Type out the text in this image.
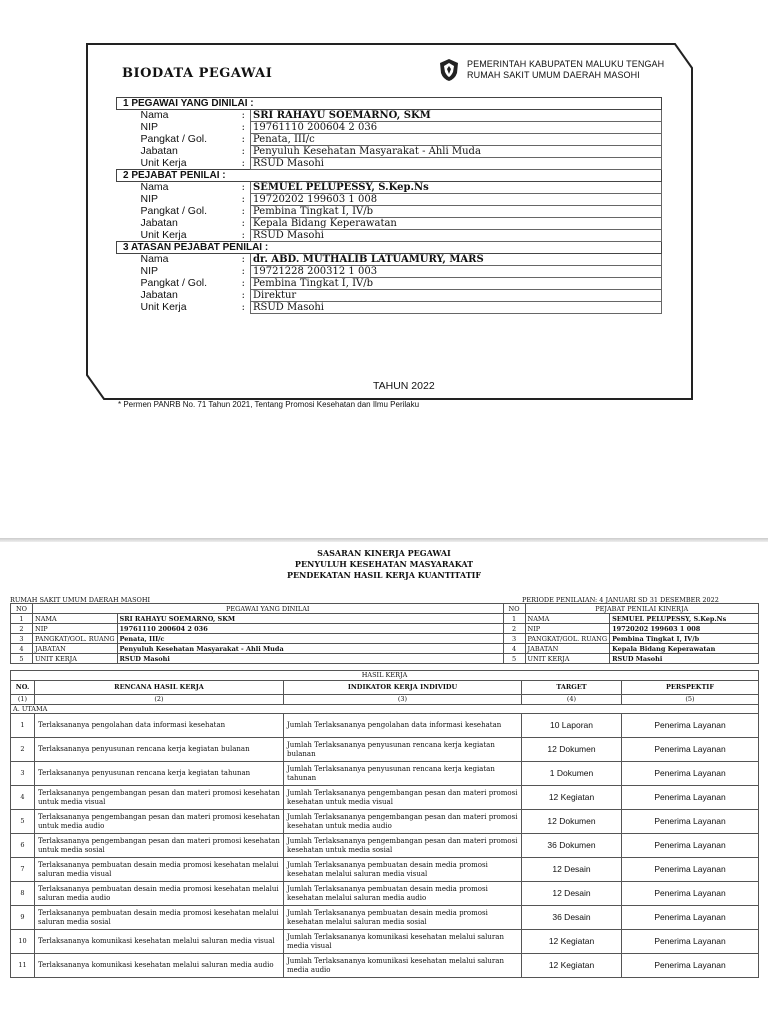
BIODATA PEGAWAI
PEMERINTAH KABUPATEN MALUKU TENGAH
RUMAH SAKIT UMUM DAERAH MASOHI
1 PEGAWAI YANG DINILAI :		
Nama	:	SRI RAHAYU SOEMARNO, SKM
NIP	:	19761110 200604 2 036
Pangkat / Gol.	:	Penata, III/c
Jabatan	:	Penyuluh Kesehatan Masyarakat - Ahli Muda
Unit Kerja	:	RSUD Masohi
2 PEJABAT PENILAI :		
Nama	:	SEMUEL PELUPESSY, S.Kep.Ns
NIP	:	19720202 199603 1 008
Pangkat / Gol.	:	Pembina Tingkat I, IV/b
Jabatan	:	Kepala Bidang Keperawatan
Unit Kerja	:	RSUD Masohi
3 ATASAN PEJABAT PENILAI :		
Nama	:	dr. ABD. MUTHALIB LATUAMURY, MARS
NIP	:	19721228 200312 1 003
Pangkat / Gol.	:	Pembina Tingkat I, IV/b
Jabatan	:	Direktur
Unit Kerja	:	RSUD Masohi
TAHUN 2022
* Permen PANRB No. 71 Tahun 2021, Tentang Promosi Kesehatan dan Ilmu Perilaku
SASARAN KINERJA PEGAWAI
PENYULUH KESEHATAN MASYARAKAT
PENDEKATAN HASIL KERJA KUANTITATIF
RUMAH SAKIT UMUM DAERAH MASOHI	PERIODE PENILAIAN: 4 JANUARI SD 31 DESEMBER 2022
NO	PEGAWAI YANG DINILAI		NO	PEJABAT PENILAI KINERJA	
1	NAMA	SRI RAHAYU SOEMARNO, SKM	1	NAMA	SEMUEL PELUPESSY, S.Kep.Ns
2	NIP	19761110 200604 2 036	2	NIP	19720202 199603 1 008
3	PANGKAT/GOL. RUANG	Penata, III/c	3	PANGKAT/GOL. RUANG	Pembina Tingkat I, IV/b
4	JABATAN	Penyuluh Kesehatan Masyarakat - Ahli Muda	4	JABATAN	Kepala Bidang Keperawatan
5	UNIT KERJA	RSUD Masohi	5	UNIT KERJA	RSUD Masohi
HASIL KERJA
NO.	RENCANA HASIL KERJA	INDIKATOR KERJA INDIVIDU	TARGET	PERSPEKTIF
(1)	(2)	(3)	(4)	(5)
A. UTAMA				
1	Terlaksananya pengolahan data informasi kesehatan	Jumlah Terlaksananya pengolahan data informasi kesehatan	10 Laporan	Penerima Layanan
2	Terlaksananya penyusunan rencana kerja kegiatan bulanan	Jumlah Terlaksananya penyusunan rencana kerja kegiatan bulanan	12 Dokumen	Penerima Layanan
3	Terlaksananya penyusunan rencana kerja kegiatan tahunan	Jumlah Terlaksananya penyusunan rencana kerja kegiatan tahunan	1 Dokumen	Penerima Layanan
4	Terlaksananya pengembangan pesan dan materi promosi kesehatan untuk media visual	Jumlah Terlaksananya pengembangan pesan dan materi promosi kesehatan untuk media visual	12 Kegiatan	Penerima Layanan
5	Terlaksananya pengembangan pesan dan materi promosi kesehatan untuk media audio	Jumlah Terlaksananya pengembangan pesan dan materi promosi kesehatan untuk media audio	12 Dokumen	Penerima Layanan
6	Terlaksananya pengembangan pesan dan materi promosi kesehatan untuk media sosial	Jumlah Terlaksananya pengembangan pesan dan materi promosi kesehatan untuk media sosial	36 Dokumen	Penerima Layanan
7	Terlaksananya pembuatan desain media promosi kesehatan melalui saluran media visual	Jumlah Terlaksananya pembuatan desain media promosi kesehatan melalui saluran media visual	12 Desain	Penerima Layanan
8	Terlaksananya pembuatan desain media promosi kesehatan melalui saluran media audio	Jumlah Terlaksananya pembuatan desain media promosi kesehatan melalui saluran media audio	12 Desain	Penerima Layanan
9	Terlaksananya pembuatan desain media promosi kesehatan melalui saluran media sosial	Jumlah Terlaksananya pembuatan desain media promosi kesehatan melalui saluran media sosial	36 Desain	Penerima Layanan
10	Terlaksananya komunikasi kesehatan melalui saluran media visual	Jumlah Terlaksananya komunikasi kesehatan melalui saluran media visual	12 Kegiatan	Penerima Layanan
11	Terlaksananya komunikasi kesehatan melalui saluran media audio	Jumlah Terlaksananya komunikasi kesehatan melalui saluran media audio	12 Kegiatan	Penerima Layanan
